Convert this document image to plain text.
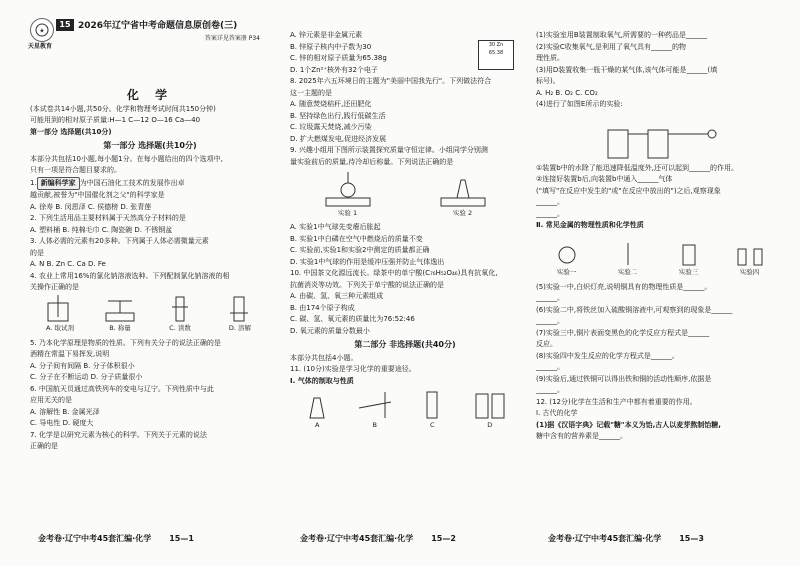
★
天星教育
15 2026年辽宁省中考命题信息原创卷(三)
答案详见答案册 P34
化 学
(本试卷共14小题,共50分。化学和物理考试时间共150分钟)
可能用到的相对原子质量:H—1 C—12 O—16 Ca—40
第一部分 选择题(共10分)
第一部分 选择题(共10分)
本部分共包括10小题,每小题1分。在每小题给出的四个选项中,
只有一项是符合题目要求的。
1. 新编科学家 为中国石油化工技术的发展作出卓
越贡献,被誉为"中国催化剂之父"的科学家是
A. 徐寿 B. 闵恩泽 C. 侯德榜 D. 张青莲
2. 下列生活用品主要材料属于天然高分子材料的是
A. 塑料桶 B. 纯棉毛巾 C. 陶瓷碗 D. 不锈钢盆
3. 人体必需的元素有20多种。下列属于人体必需微量元素
的是
A. N B. Zn C. Ca D. Fe
4. 农业上常用16%的氯化钠溶液选种。下列配制氯化钠溶液的相
关操作正确的是
A. 取试剂	B. 称量	C. 读数	D. 溶解
5. 乃本化学原理是物质的性质。下列有关分子的说法正确的是
酒精在常温下易挥发,说明
A. 分子间有间隔 B. 分子体积很小
C. 分子在不断运动 D. 分子质量很小
6. 中国航天员通过高铁列车的变电与辽宁。下列性质中与此
应用无关的是
A. 溶解性 B. 金属光泽
C. 导电性 D. 硬度大
7. 化学是以研究元素为核心的科学。下列关于元素的说法
正确的是
30 Zn
65.38
A. 锌元素是非金属元素
B. 锌原子核内中子数为30
C. 锌的相对原子质量为65.38g
D. 1个Zn²⁺核外有32个电子
8. 2025年六五环境日的主题为"美丽中国我先行"。下列做法符合
这一主题的是
A. 随意焚烧秸秆,还田肥化
B. 坚持绿色出行,践行低碳生活
C. 垃圾露天焚烧,减少污染
D. 扩大燃煤发电,促进经济发展
9. 兴趣小组用下图所示装置探究质量守恒定律。小组同学分别测
量实验前后的质量,待冷却后称量。下列说法正确的是
实验 1	实验 2
A. 实验1中气球先变瘪后胀起
B. 实验1中白磷在空气中燃烧后的质量不变
C. 实验前,实验1和实验2中测定的质量都正确
D. 实验1中气球的作用是缓冲压强并防止气体逸出
10. 中国茶文化源远流长。绿茶中的单宁酸(C₇₆H₅₂O₄₆)具有抗氧化,
抗菌消炎等功效。下列关于单宁酸的说法正确的是
A. 由碳、氢、氧三种元素组成
B. 由174个原子构成
C. 碳、氢、氧元素的质量比为76:52:46
D. 氧元素的质量分数最小
第二部分 非选择题(共40分)
本部分共包括4小题。
11. (10分)实验是学习化学的重要途径。
Ⅰ. 气体的制取与性质
A	B	C	D
(1)实验室用B装置制取氧气,所需要的一种药品是______
(2)实验C收集氧气,是利用了氧气具有______的物
理性质。
(3)用D装置收集一瓶干燥的某气体,该气体可能是______(填
标号)。
A. H₂ B. O₂ C. CO₂
(4)进行了如图E所示的实验:
①装置b中的水除了能迅速降低温度外,还可以起到______的作用。
②连接好装置b后,向装置b中通入______气体
("填写"在反应中发生的"或"在反应中放出的")之后,观察现象
______。
______。
Ⅱ. 常见金属的物理性质和化学性质
实验一	实验二	实验三	实验四
(5)实验一中,白炽灯亮,说明铜具有的物理性质是______。
______。
(6)实验二中,将铁丝加入硫酸铜溶液中,可观察到的现象是______
______。
(7)实验三中,铜片表面变黑色的化学反应方程式是______
反应。
(8)实验四中发生反应的化学方程式是______。
______。
(9)实验后,通过铁铜可以得出铁和铜的活动性顺序,依据是
______。
12. (12分)化学在生活和生产中都有着重要的作用。
Ⅰ. 古代的化学
(1)据《汉语字典》记载"糖"本义为饴,古人以麦芽熬制饴糖,
糖中含有的营养素是______。
金考卷·辽宁中考45套汇编·化学 15—1	金考卷·辽宁中考45套汇编·化学 15—2	金考卷·辽宁中考45套汇编·化学 15—3
